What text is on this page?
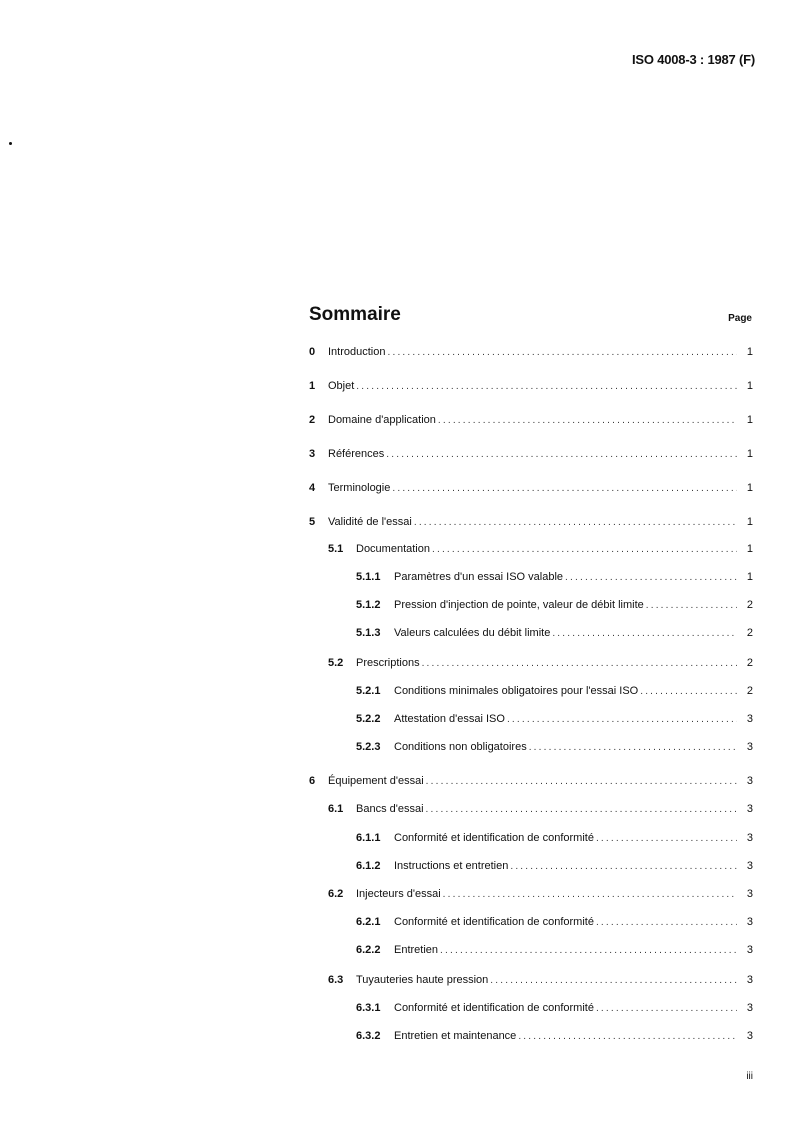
ISO 4008-3 : 1987 (F)
Sommaire	Page
0	Introduction .....	1
1	Objet .....	1
2	Domaine d'application .....	1
3	Références .....	1
4	Terminologie .....	1
5	Validité de l'essai .....	1
5.1	Documentation .....	1
5.1.1	Paramètres d'un essai ISO valable .....	1
5.1.2	Pression d'injection de pointe, valeur de débit limite .....	2
5.1.3	Valeurs calculées du débit limite .....	2
5.2	Prescriptions .....	2
5.2.1	Conditions minimales obligatoires pour l'essai ISO .....	2
5.2.2	Attestation d'essai ISO .....	3
5.2.3	Conditions non obligatoires .....	3
6	Équipement d'essai .....	3
6.1	Bancs d'essai .....	3
6.1.1	Conformité et identification de conformité .....	3
6.1.2	Instructions et entretien .....	3
6.2	Injecteurs d'essai .....	3
6.2.1	Conformité et identification de conformité .....	3
6.2.2	Entretien .....	3
6.3	Tuyauteries haute pression .....	3
6.3.1	Conformité et identification de conformité .....	3
6.3.2	Entretien et maintenance .....	3
iii
